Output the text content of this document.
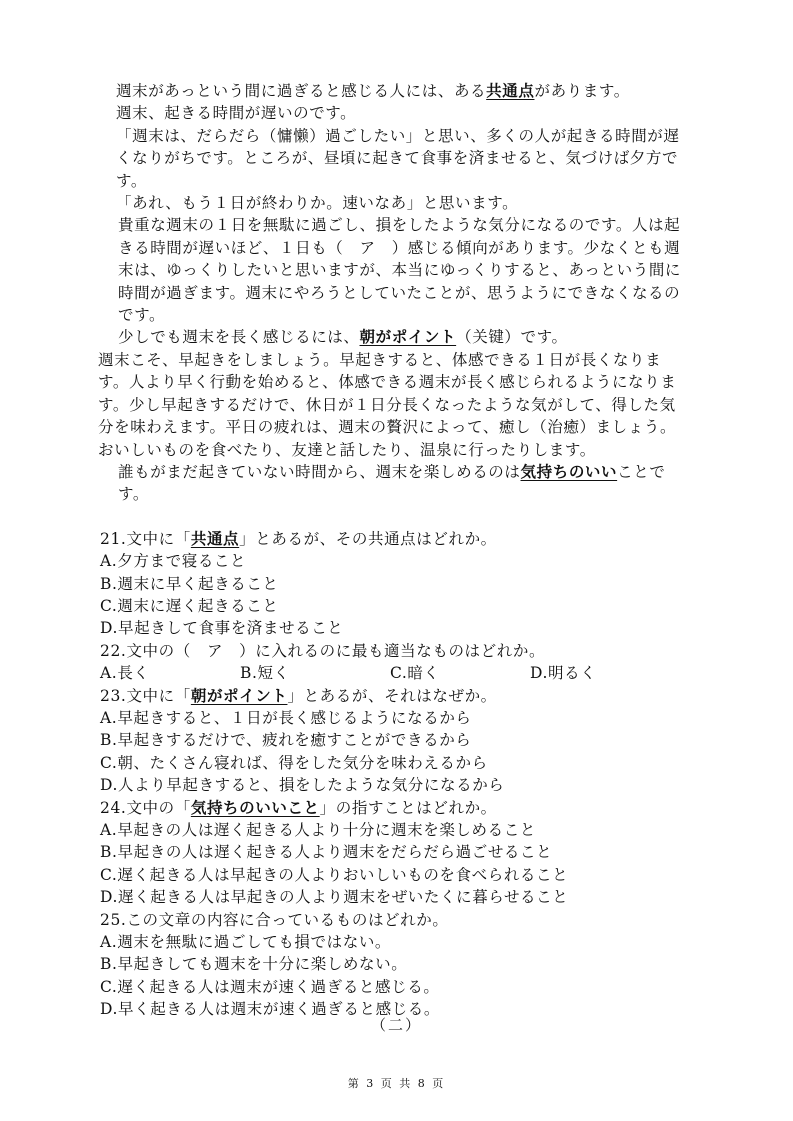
週末があっという間に過ぎると感じる人には、ある共通点があります。

週末、起きる時間が遅いのです。

「週末は、だらだら（慵懒）過ごしたい」と思い、多くの人が起きる時間が遅くなりがちです。ところが、昼頃に起きて食事を済ませると、気づけば夕方です。

「あれ、もう１日が終わりか。速いなあ」と思います。

貴重な週末の１日を無駄に過ごし、損をしたような気分になるのです。人は起きる時間が遅いほど、１日も（　ア　）感じる傾向があります。少なくとも週末は、ゆっくりしたいと思いますが、本当にゆっくりすると、あっという間に時間が過ぎます。週末にやろうとしていたことが、思うようにできなくなるのです。

少しでも週末を長く感じるには、朝がポイント（关键）です。

週末こそ、早起きをしましょう。早起きすると、体感できる１日が長くなります。人より早く行動を始めると、体感できる週末が長く感じられるようになります。少し早起きするだけで、休日が１日分長くなったような気がして、得した気分を味わえます。平日の疲れは、週末の贅沢によって、癒し（治癒）ましょう。おいしいものを食べたり、友達と話したり、温泉に行ったりします。

誰もがまだ起きていない時間から、週末を楽しめるのは気持ちのいいことです。

21.文中に「共通点」とあるが、その共通点はどれか。

A.夕方まで寝ること

B.週末に早く起きること

C.週末に遅く起きること

D.早起きして食事を済ませること

22.文中の（　ア　）に入れるのに最も適当なものはどれか。

A.長く	B.短く	C.暗く	D.明るく

23.文中に「朝がポイント」とあるが、それはなぜか。

A.早起きすると、１日が長く感じるようになるから

B.早起きするだけで、疲れを癒すことができるから

C.朝、たくさん寝れば、得をした気分を味わえるから

D.人より早起きすると、損をしたような気分になるから

24.文中の「気持ちのいいこと」の指すことはどれか。

A.早起きの人は遅く起きる人より十分に週末を楽しめること

B.早起きの人は遅く起きる人より週末をだらだら過ごせること

C.遅く起きる人は早起きの人よりおいしいものを食べられること

D.遅く起きる人は早起きの人より週末をぜいたくに暮らせること

25.この文章の内容に合っているものはどれか。

A.週末を無駄に過ごしても損ではない。

B.早起きしても週末を十分に楽しめない。

C.遅く起きる人は週末が速く過ぎると感じる。

D.早く起きる人は週末が速く過ぎると感じる。

（二）
第 3 页 共 8 页
